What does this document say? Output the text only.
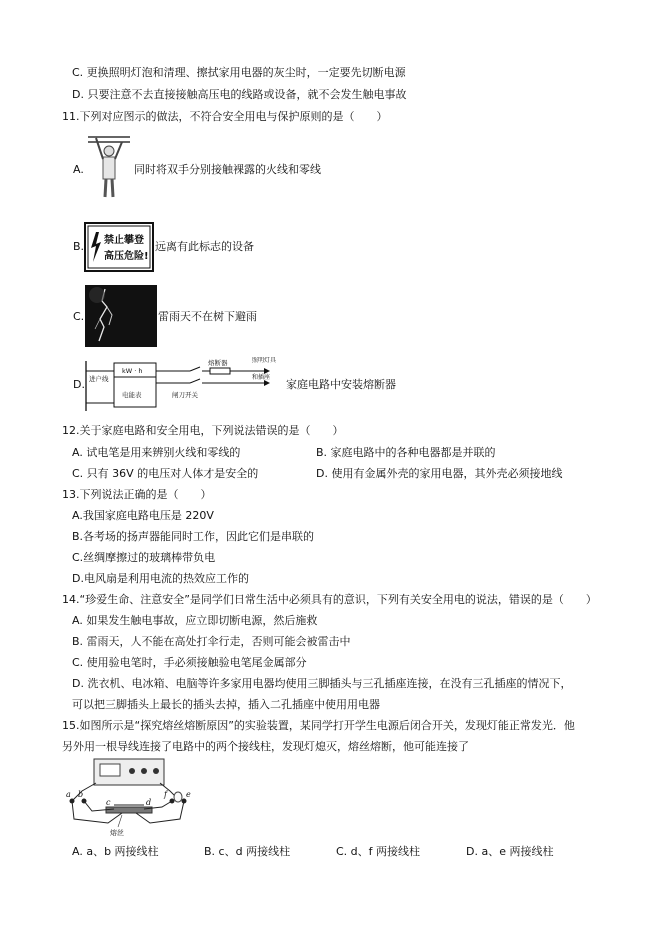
C. 更换照明灯泡和清理、擦拭家用电器的灰尘时，一定要先切断电源
D. 只要注意不去直接接触高压电的线路或设备，就不会发生触电事故
11.下列对应图示的做法，不符合安全用电与保护原则的是（　　）
A.	同时将双手分别接触裸露的火线和零线
B. 禁止攀登
高压危险!
远离有此标志的设备
C.	雷雨天不在树下避雨
D. 进户线
kW · h
电能表	闸刀开关
熔断器	照明灯具
和插座
家庭电路中安装熔断器
12.关于家庭电路和安全用电，下列说法错误的是（　　）
A. 试电笔是用来辨别火线和零线的	B. 家庭电路中的各种电器都是并联的
C. 只有 36V 的电压对人体才是安全的	D. 使用有金属外壳的家用电器，其外壳必须接地线
13.下列说法正确的是（　　）
A.我国家庭电路电压是 220V
B.各考场的扬声器能同时工作，因此它们是串联的
C.丝绸摩擦过的玻璃棒带负电
D.电风扇是利用电流的热效应工作的
14.“珍爱生命、注意安全”是同学们日常生活中必须具有的意识，下列有关安全用电的说法，错误的是（　　）
A. 如果发生触电事故，应立即切断电源，然后施救
B. 雷雨天，人不能在高处打伞行走，否则可能会被雷击中
C. 使用验电笔时，手必须接触验电笔尾金属部分
D. 洗衣机、电冰箱、电脑等许多家用电器均使用三脚插头与三孔插座连接，在没有三孔插座的情况下，
可以把三脚插头上最长的插头去掉，插入二孔插座中使用用电器
15.如图所示是“探究熔丝熔断原因”的实验装置，某同学打开学生电源后闭合开关，发现灯能正常发光．他
另外用一根导线连接了电路中的两个接线柱，发现灯熄灭，熔丝熔断，他可能连接了
a b
c	d
e
f
熔丝
A. a、b 两接线柱	B. c、d 两接线柱	C. d、f 两接线柱	D. a、e 两接线柱
